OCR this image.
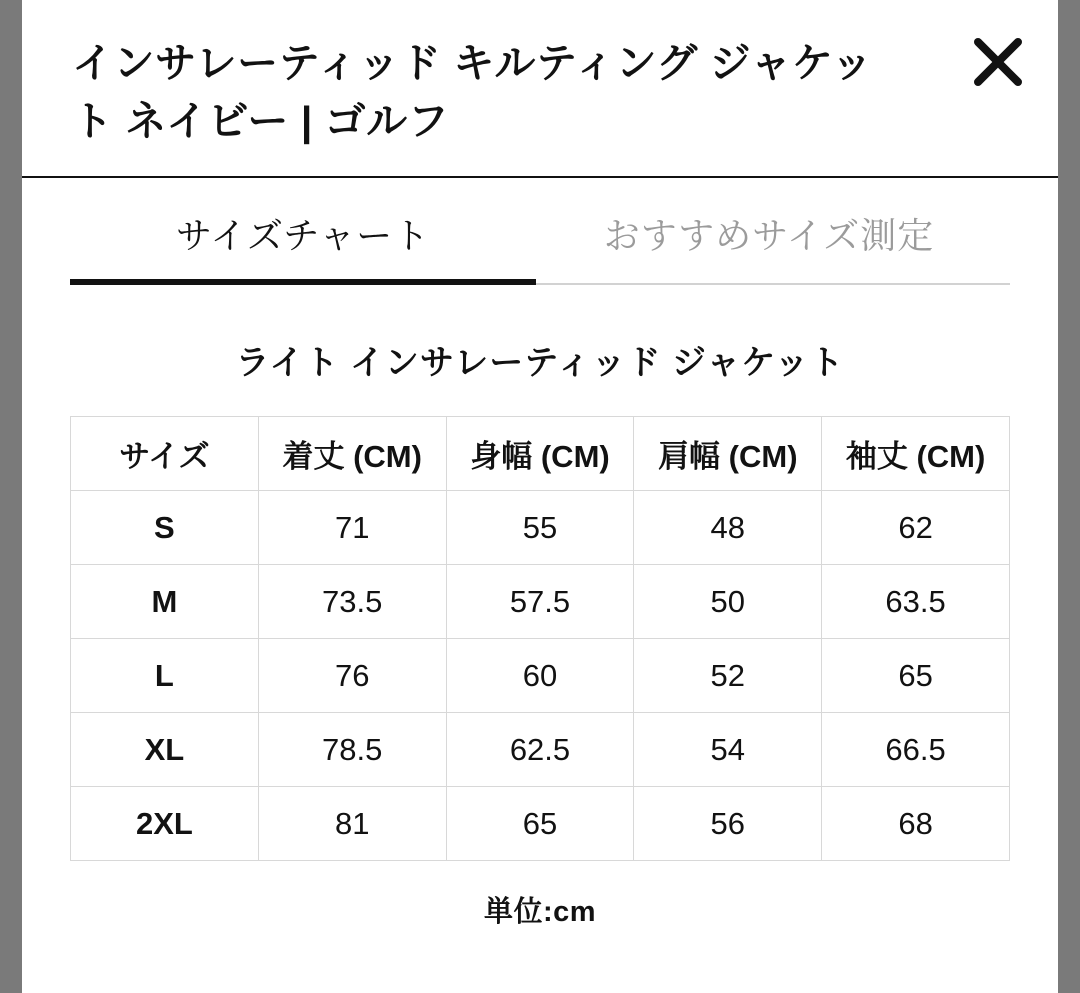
インサレーティッド キルティング ジャケット ネイビー | ゴルフ
サイズチャート	おすすめサイズ測定
ライト インサレーティッド ジャケット
サイズ	着丈 (CM)	身幅 (CM)	肩幅 (CM)	袖丈 (CM)
S	71	55	48	62
M	73.5	57.5	50	63.5
L	76	60	52	65
XL	78.5	62.5	54	66.5
2XL	81	65	56	68
単位:cm
